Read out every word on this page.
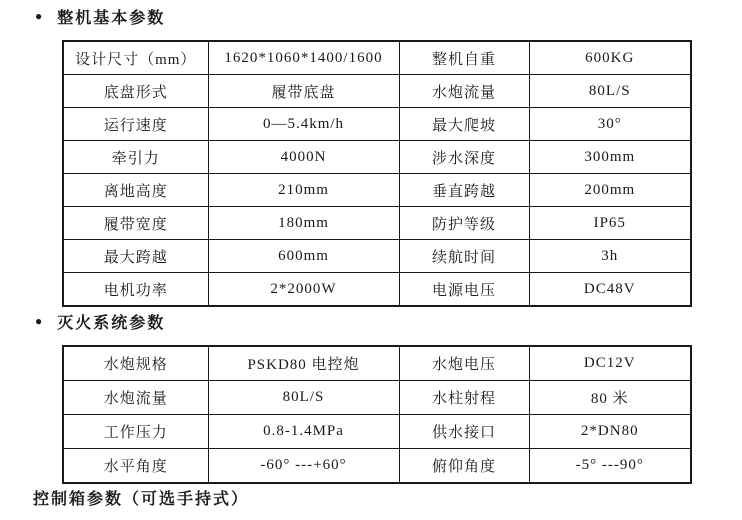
● 整机基本参数
设计尺寸（mm）	1620*1060*1400/1600	整机自重	600KG
底盘形式	履带底盘	水炮流量	80L/S
运行速度	0—5.4km/h	最大爬坡	30°
牵引力	4000N	涉水深度	300mm
离地高度	210mm	垂直跨越	200mm
履带宽度	180mm	防护等级	IP65
最大跨越	600mm	续航时间	3h
电机功率	2*2000W	电源电压	DC48V
● 灭火系统参数
水炮规格	PSKD80 电控炮	水炮电压	DC12V
水炮流量	80L/S	水柱射程	80 米
工作压力	0.8-1.4MPa	供水接口	2*DN80
水平角度	-60° ---+60°	俯仰角度	-5° ---90°
控制箱参数（可选手持式）
